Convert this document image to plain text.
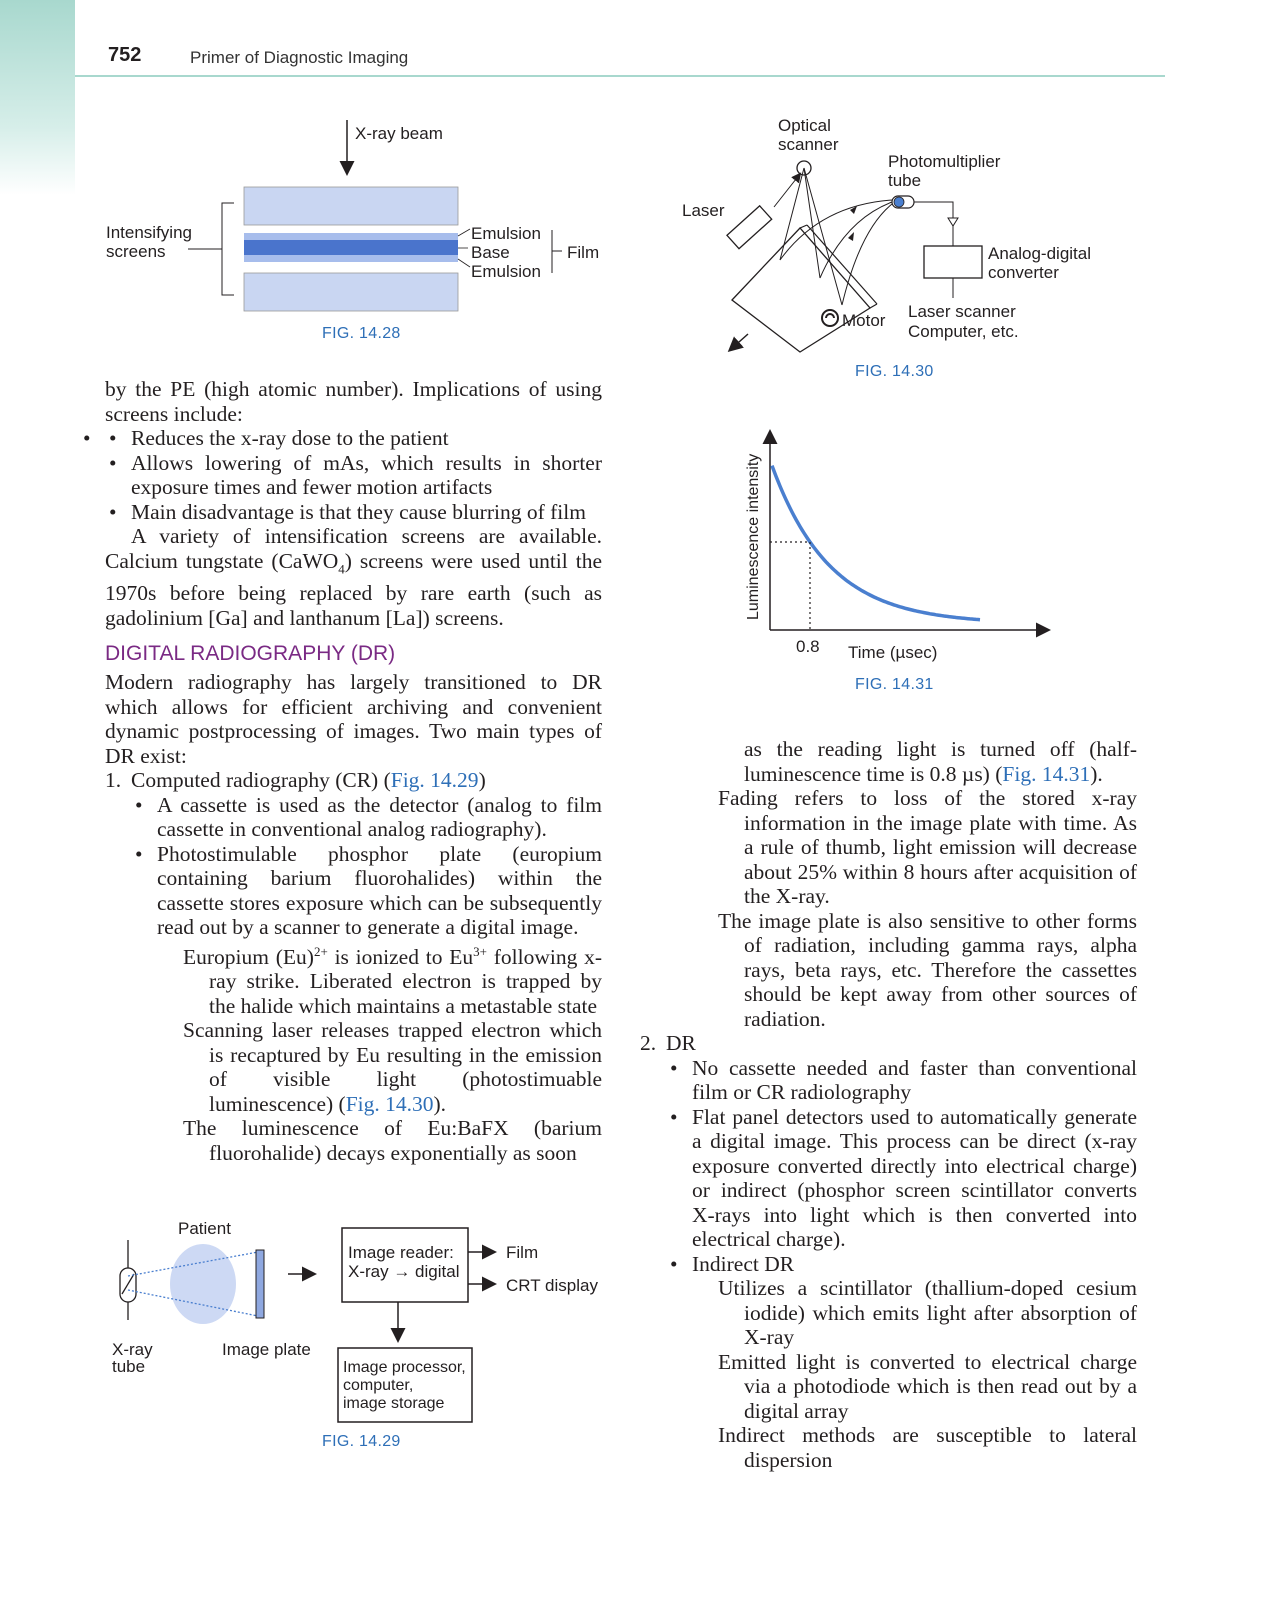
752	Primer of Diagnostic Imaging
X-ray beam
Intensifying
screens
Emulsion
Base
Emulsion
Film
FIG. 14.28
Optical
scanner
Photomultiplier
tube
Laser
Analog-digital
converter
Motor Laser scanner
Computer, etc.
FIG. 14.30
Luminescence intensity
0.8 Time (µsec)
FIG. 14.31
Patient
X-ray
tube
Image plate
Image reader:
X-ray → digital
Film
CRT display
Image processor,
computer,
image storage
FIG. 14.29

by the PE (high atomic number). Implications of using screens include:

• • Reduces the x-ray dose to the patient

• Allows lowering of mAs, which results in shorter exposure times and fewer motion artifacts

• Main disadvantage is that they cause blurring of film

A variety of intensification screens are available. Calcium tungstate (CaWO$_4$) screens were used until the 1970s before being replaced by rare earth (such as gadolinium [Ga] and lanthanum [La]) screens.

DIGITAL RADIOGRAPHY (DR)

Modern radiography has largely transitioned to DR which allows for efficient archiving and convenient dynamic postprocessing of images. Two main types of DR exist:

1. Computed radiography (CR) (Fig. 14.29)

• A cassette is used as the detector (analog to film cassette in conventional analog radiography).

• Photostimulable phosphor plate (europium containing barium fluorohalides) within the cassette stores exposure which can be subsequently read out by a scanner to generate a digital image.

Europium $(Eu)^{2+}$ is ionized to $Eu^{3+}$ following x-ray strike. Liberated electron is trapped by the halide which maintains a metastable state

Scanning laser releases trapped electron which is recaptured by Eu resulting in the emission of visible light (photostimuable luminescence) (Fig. 14.30).

The luminescence of Eu:BaFX (barium fluorohalide) decays exponentially as soon

as the reading light is turned off (half-luminescence time is 0.8 µs) (Fig. 14.31).

Fading refers to loss of the stored x-ray information in the image plate with time. As a rule of thumb, light emission will decrease about 25% within 8 hours after acquisition of the X-ray.

The image plate is also sensitive to other forms of radiation, including gamma rays, alpha rays, beta rays, etc. Therefore the cassettes should be kept away from other sources of radiation.

2. DR

• No cassette needed and faster than conventional film or CR radiolography

• Flat panel detectors used to automatically generate a digital image. This process can be direct (x-ray exposure converted directly into electrical charge) or indirect (phosphor screen scintillator converts X-rays into light which is then converted into electrical charge).

• Indirect DR

Utilizes a scintillator (thallium-doped cesium iodide) which emits light after absorption of X-ray

Emitted light is converted to electrical charge via a photodiode which is then read out by a digital array

Indirect methods are susceptible to lateral dispersion
